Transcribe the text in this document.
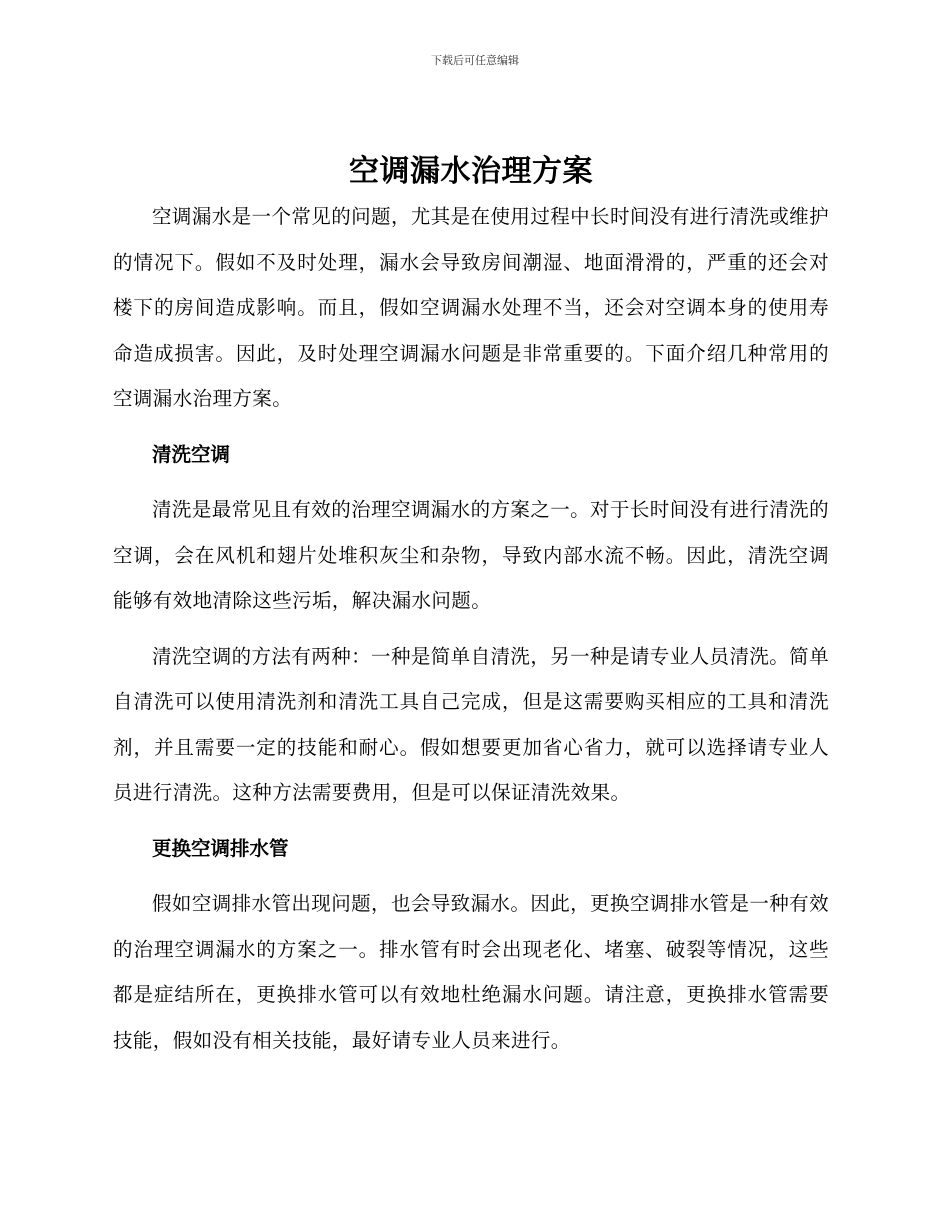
下载后可任意编辑
空调漏水治理方案

空调漏水是一个常见的问题，尤其是在使用过程中长时间没有进行清洗或维护的情况下。假如不及时处理，漏水会导致房间潮湿、地面滑滑的，严重的还会对楼下的房间造成影响。而且，假如空调漏水处理不当，还会对空调本身的使用寿命造成损害。因此，及时处理空调漏水问题是非常重要的。下面介绍几种常用的空调漏水治理方案。

清洗空调

清洗是最常见且有效的治理空调漏水的方案之一。对于长时间没有进行清洗的空调，会在风机和翅片处堆积灰尘和杂物，导致内部水流不畅。因此，清洗空调能够有效地清除这些污垢，解决漏水问题。

清洗空调的方法有两种：一种是简单自清洗，另一种是请专业人员清洗。简单自清洗可以使用清洗剂和清洗工具自己完成，但是这需要购买相应的工具和清洗剂，并且需要一定的技能和耐心。假如想要更加省心省力，就可以选择请专业人员进行清洗。这种方法需要费用，但是可以保证清洗效果。

更换空调排水管

假如空调排水管出现问题，也会导致漏水。因此，更换空调排水管是一种有效的治理空调漏水的方案之一。排水管有时会出现老化、堵塞、破裂等情况，这些都是症结所在，更换排水管可以有效地杜绝漏水问题。请注意，更换排水管需要技能，假如没有相关技能，最好请专业人员来进行。
